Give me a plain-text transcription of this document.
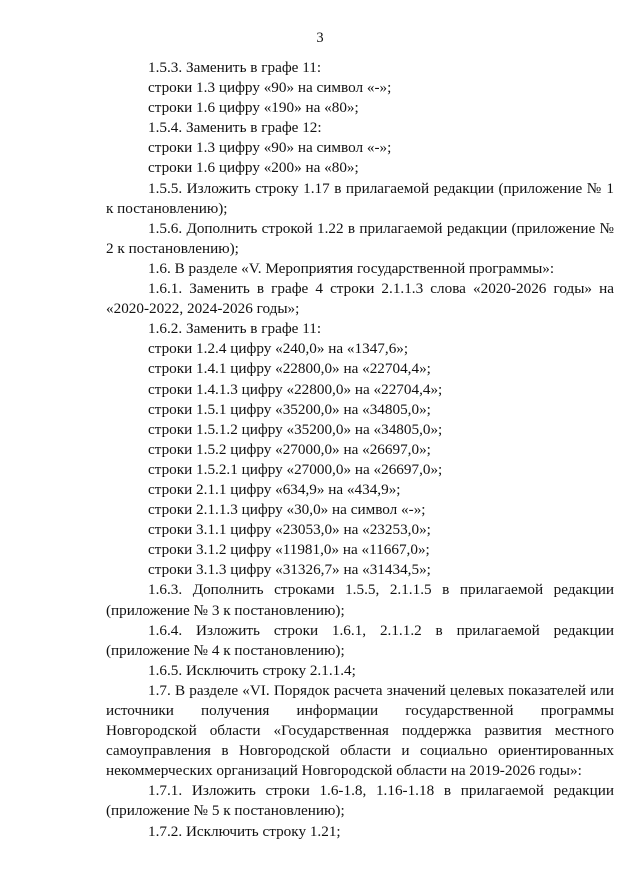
3

1.5.3. Заменить в графе 11:

строки 1.3 цифру «90» на символ «-»;

строки 1.6 цифру «190» на «80»;

1.5.4. Заменить в графе 12:

строки 1.3 цифру «90» на символ «-»;

строки 1.6 цифру «200» на «80»;

1.5.5. Изложить строку 1.17 в прилагаемой редакции (приложение № 1 к постановлению);

1.5.6. Дополнить строкой 1.22 в прилагаемой редакции (приложение № 2 к постановлению);

1.6. В разделе «V. Мероприятия государственной программы»:

1.6.1. Заменить в графе 4 строки 2.1.1.3 слова «2020-2026 годы» на «2020-2022, 2024-2026 годы»;

1.6.2. Заменить в графе 11:

строки 1.2.4 цифру «240,0» на «1347,6»;

строки 1.4.1 цифру «22800,0» на «22704,4»;

строки 1.4.1.3 цифру «22800,0» на «22704,4»;

строки 1.5.1 цифру «35200,0» на «34805,0»;

строки 1.5.1.2 цифру «35200,0» на «34805,0»;

строки 1.5.2 цифру «27000,0» на «26697,0»;

строки 1.5.2.1 цифру «27000,0» на «26697,0»;

строки 2.1.1 цифру «634,9» на «434,9»;

строки 2.1.1.3 цифру «30,0» на символ «-»;

строки 3.1.1 цифру «23053,0» на «23253,0»;

строки 3.1.2 цифру «11981,0» на «11667,0»;

строки 3.1.3 цифру «31326,7» на «31434,5»;

1.6.3. Дополнить строками 1.5.5, 2.1.1.5 в прилагаемой редакции (приложение № 3 к постановлению);

1.6.4. Изложить строки 1.6.1, 2.1.1.2 в прилагаемой редакции (приложение № 4 к постановлению);

1.6.5. Исключить строку 2.1.1.4;

1.7. В разделе «VI. Порядок расчета значений целевых показателей или источники получения информации государственной программы Новгородской области «Государственная поддержка развития местного самоуправления в Новгородской области и социально ориентированных некоммерческих организаций Новгородской области на 2019-2026 годы»:

1.7.1. Изложить строки 1.6-1.8, 1.16-1.18 в прилагаемой редакции (приложение № 5 к постановлению);

1.7.2. Исключить строку 1.21;
